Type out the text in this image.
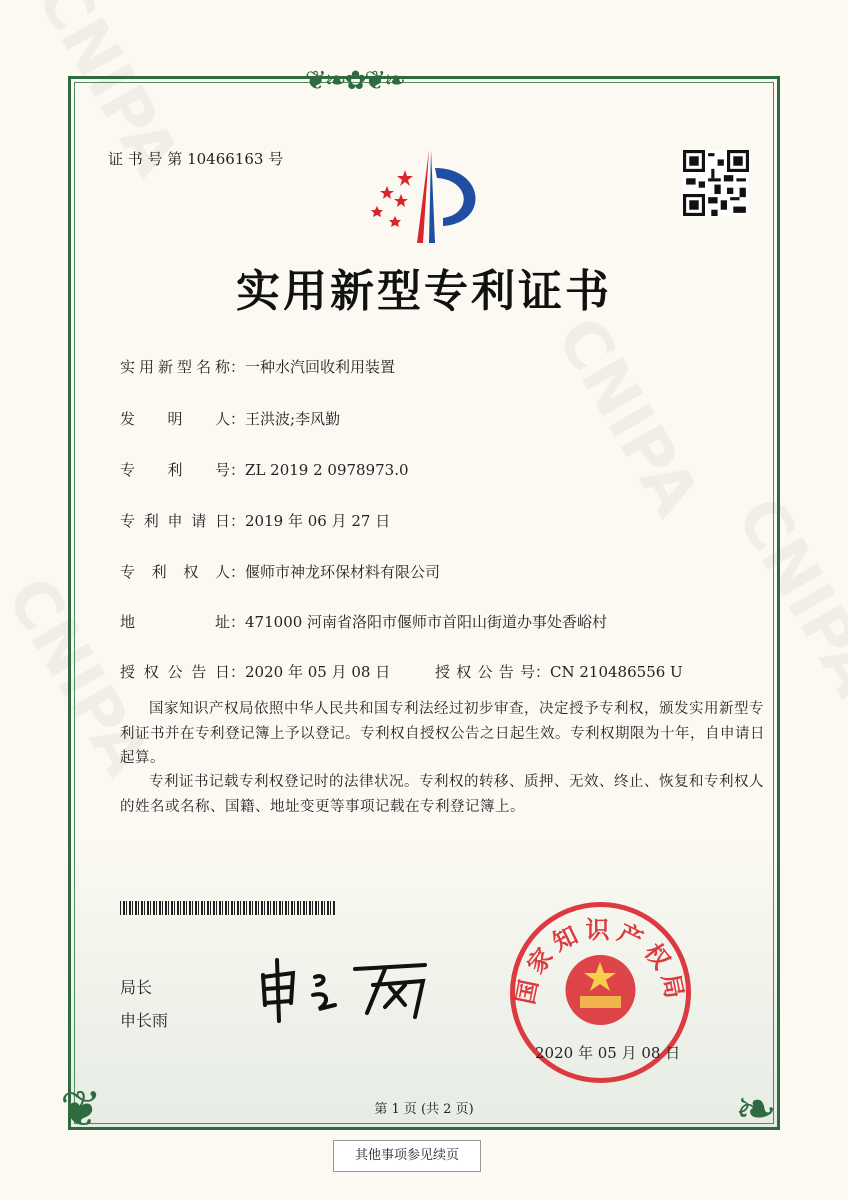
❦❧✿❦❧
❦	❧
证 书 号 第 10466163 号
实用新型专利证书
实用新型名称：一种水汽回收利用装置
发明人：王洪波;李风勤
专利号：ZL 2019 2 0978973.0
专利申请日：2019 年 06 月 27 日
专利权人：偃师市神龙环保材料有限公司
地址：471000 河南省洛阳市偃师市首阳山街道办事处香峪村
授权公告日：2020 年 05 月 08 日	授权公告号：CN 210486556 U
国家知识产权局依照中华人民共和国专利法经过初步审查，决定授予专利权，颁发实用新型专利证书并在专利登记簿上予以登记。专利权自授权公告之日起生效。专利权期限为十年，自申请日起算。
专利证书记载专利权登记时的法律状况。专利权的转移、质押、无效、终止、恢复和专利权人的姓名或名称、国籍、地址变更等事项记载在专利登记簿上。
局长
申长雨
国家知识产权局
2020 年 05 月 08 日
第 1 页 (共 2 页)
其他事项参见续页
